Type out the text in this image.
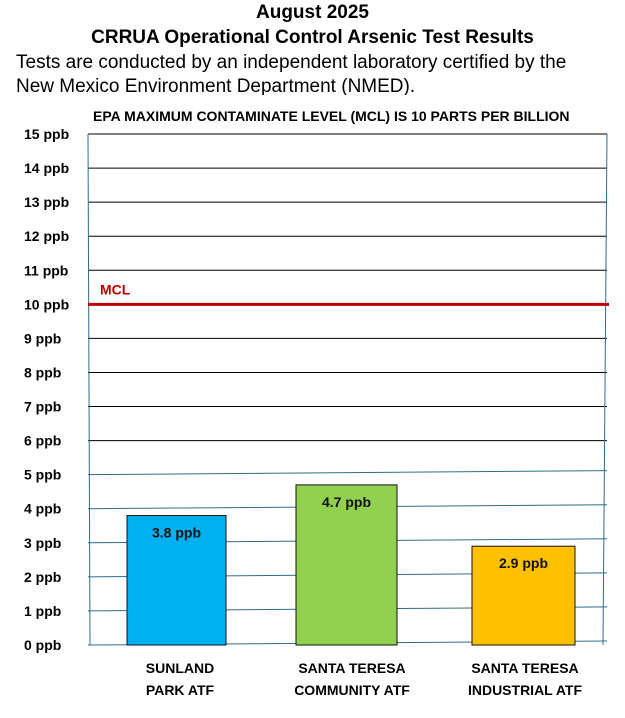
August 2025
CRRUA Operational Control Arsenic Test Results
Tests are conducted by an independent laboratory certified by the
New Mexico Environment Department (NMED).
EPA MAXIMUM CONTAMINATE LEVEL (MCL) IS 10 PARTS PER BILLION
0 ppb
1 ppb
2 ppb
3 ppb
4 ppb
5 ppb
6 ppb
7 ppb
8 ppb
9 ppb
10 ppb
11 ppb
12 ppb
13 ppb
14 ppb
15 ppb
MCL
3.8 ppb
4.7 ppb
2.9 ppb
SUNLAND
PARK ATF
SANTA TERESA
COMMUNITY ATF
SANTA TERESA
INDUSTRIAL ATF
